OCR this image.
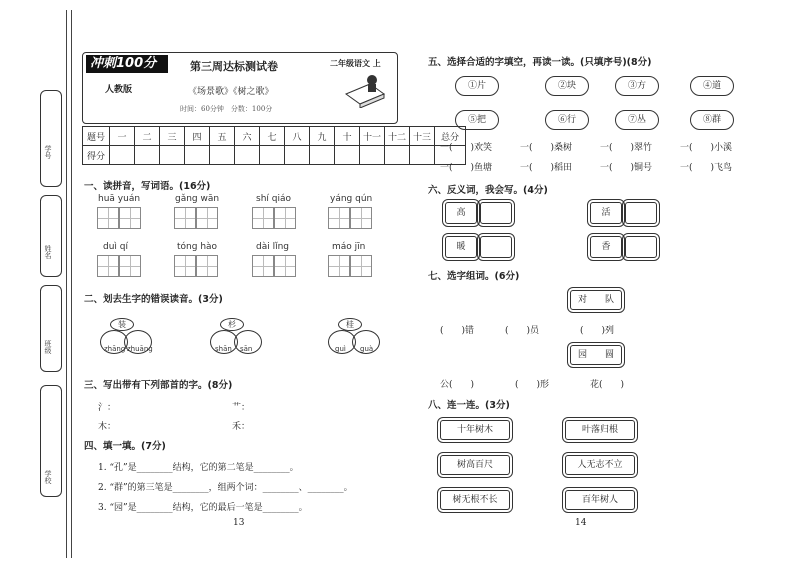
学号
姓名
班级
学校
冲刺100分	第三周达标测试卷	二年级语文 上
人教版	《场景歌》《树之歌》
时间：60分钟　分数：100分
题号	一	二	三	四	五	六	七	八	九	十	十一	十二	十三	总分
得分														
一、读拼音，写词语。(16分)
huā yuán	gǎng wān	shí qiáo	yáng qún
duì qí	tóng hào	dài lǐng	máo jīn
二、划去生字的错误读音。(3分)
装
zhāng zhuāng
杉
shān sān
桂
guì guà
三、写出带有下列部首的字。(8分)
氵：	艹：
木：	禾：
四、填一填。(7分)
1. “孔”是________结构，它的第二笔是________。
2. “群”的第三笔是________，组两个词：________、________。
3. “园”是________结构，它的最后一笔是________。
13
五、选择合适的字填空，再读一读。(只填序号)(8分)
①片	②块	③方	④道
⑤把	⑥行	⑦丛	⑧群
一(　　)欢笑	一(　　)桑树	一(　　)翠竹	一(　　)小溪
一(　　)鱼塘	一(　　)稻田	一(　　)铜号	一(　　)飞鸟
六、反义词，我会写。(4分)
高	活
暖	香
七、选字组词。(6分)
对　　队
(　　)错	(　　)员	(　　)列
园　　圆
公(　　)	(　　)形	花(　　)
八、连一连。(3分)
十年树木
树高百尺
树无根不长
叶落归根
人无志不立
百年树人
14
